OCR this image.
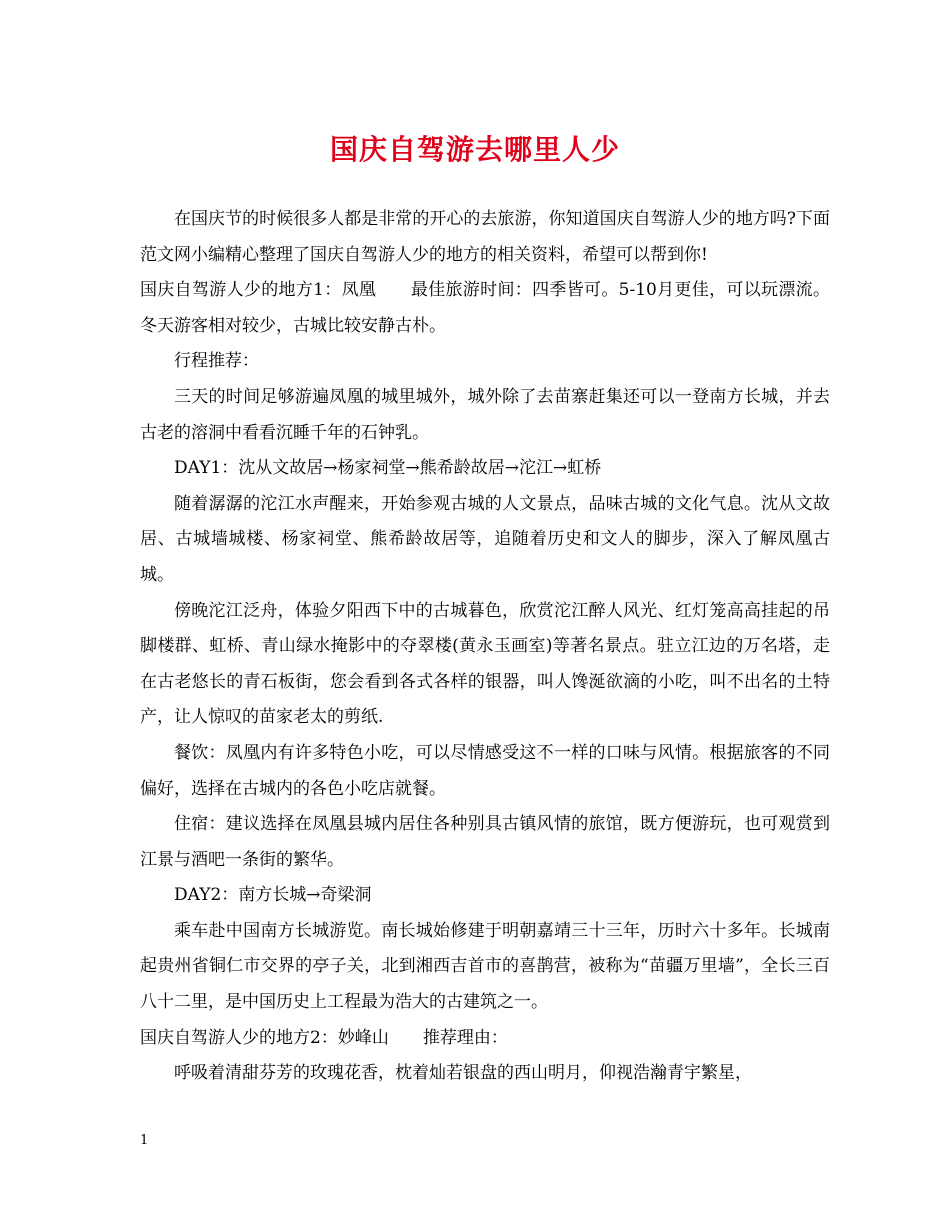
国庆自驾游去哪里人少

在国庆节的时候很多人都是非常的开心的去旅游，你知道国庆自驾游人少的地方吗?下面范文网小编精心整理了国庆自驾游人少的地方的相关资料，希望可以帮到你!

国庆自驾游人少的地方1：凤凰　　最佳旅游时间：四季皆可。5-10月更佳，可以玩漂流。冬天游客相对较少，古城比较安静古朴。

行程推荐：

三天的时间足够游遍凤凰的城里城外，城外除了去苗寨赶集还可以一登南方长城，并去古老的溶洞中看看沉睡千年的石钟乳。

DAY1：沈从文故居→杨家祠堂→熊希龄故居→沱江→虹桥

随着潺潺的沱江水声醒来，开始参观古城的人文景点，品味古城的文化气息。沈从文故居、古城墙城楼、杨家祠堂、熊希龄故居等，追随着历史和文人的脚步，深入了解凤凰古城。

傍晚沱江泛舟，体验夕阳西下中的古城暮色，欣赏沱江醉人风光、红灯笼高高挂起的吊脚楼群、虹桥、青山绿水掩影中的夺翠楼(黄永玉画室)等著名景点。驻立江边的万名塔，走在古老悠长的青石板街，您会看到各式各样的银器，叫人馋涎欲滴的小吃，叫不出名的土特产，让人惊叹的苗家老太的剪纸.

餐饮：凤凰内有许多特色小吃，可以尽情感受这不一样的口味与风情。根据旅客的不同偏好，选择在古城内的各色小吃店就餐。

住宿：建议选择在凤凰县城内居住各种别具古镇风情的旅馆，既方便游玩，也可观赏到江景与酒吧一条街的繁华。

DAY2：南方长城→奇梁洞

乘车赴中国南方长城游览。南长城始修建于明朝嘉靖三十三年，历时六十多年。长城南起贵州省铜仁市交界的亭子关，北到湘西吉首市的喜鹊营，被称为“苗疆万里墙”，全长三百八十二里，是中国历史上工程最为浩大的古建筑之一。

国庆自驾游人少的地方2：妙峰山　　推荐理由：

呼吸着清甜芬芳的玫瑰花香，枕着灿若银盘的西山明月，仰视浩瀚青宇繁星，

1
